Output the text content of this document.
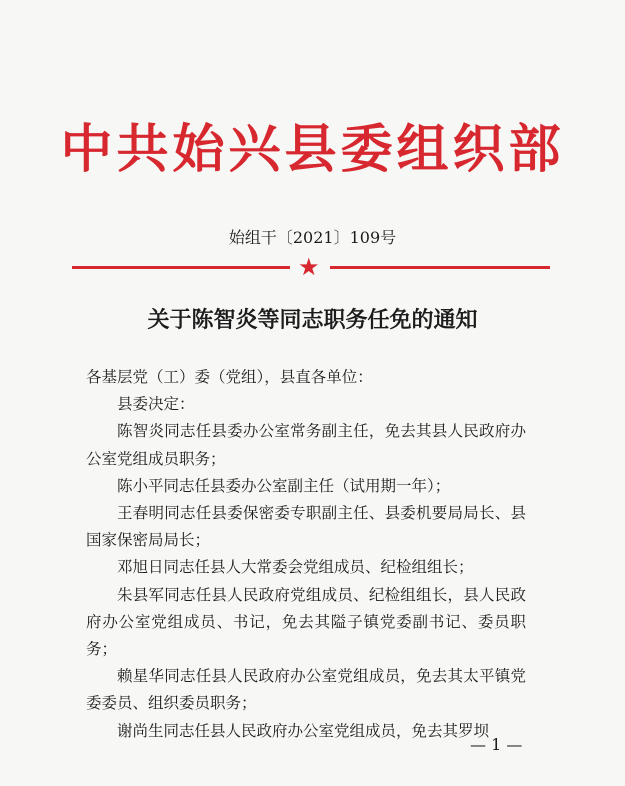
中共始兴县委组织部
始组干〔2021〕109号
★
关于陈智炎等同志职务任免的通知

各基层党（工）委（党组），县直各单位：

县委决定：

陈智炎同志任县委办公室常务副主任，免去其县人民政府办公室党组成员职务；

陈小平同志任县委办公室副主任（试用期一年）；

王春明同志任县委保密委专职副主任、县委机要局局长、县国家保密局局长；

邓旭日同志任县人大常委会党组成员、纪检组组长；

朱县军同志任县人民政府党组成员、纪检组组长，县人民政府办公室党组成员、书记，免去其隘子镇党委副书记、委员职务；

赖星华同志任县人民政府办公室党组成员，免去其太平镇党委委员、组织委员职务；

谢尚生同志任县人民政府办公室党组成员，免去其罗坝

— 1 —
